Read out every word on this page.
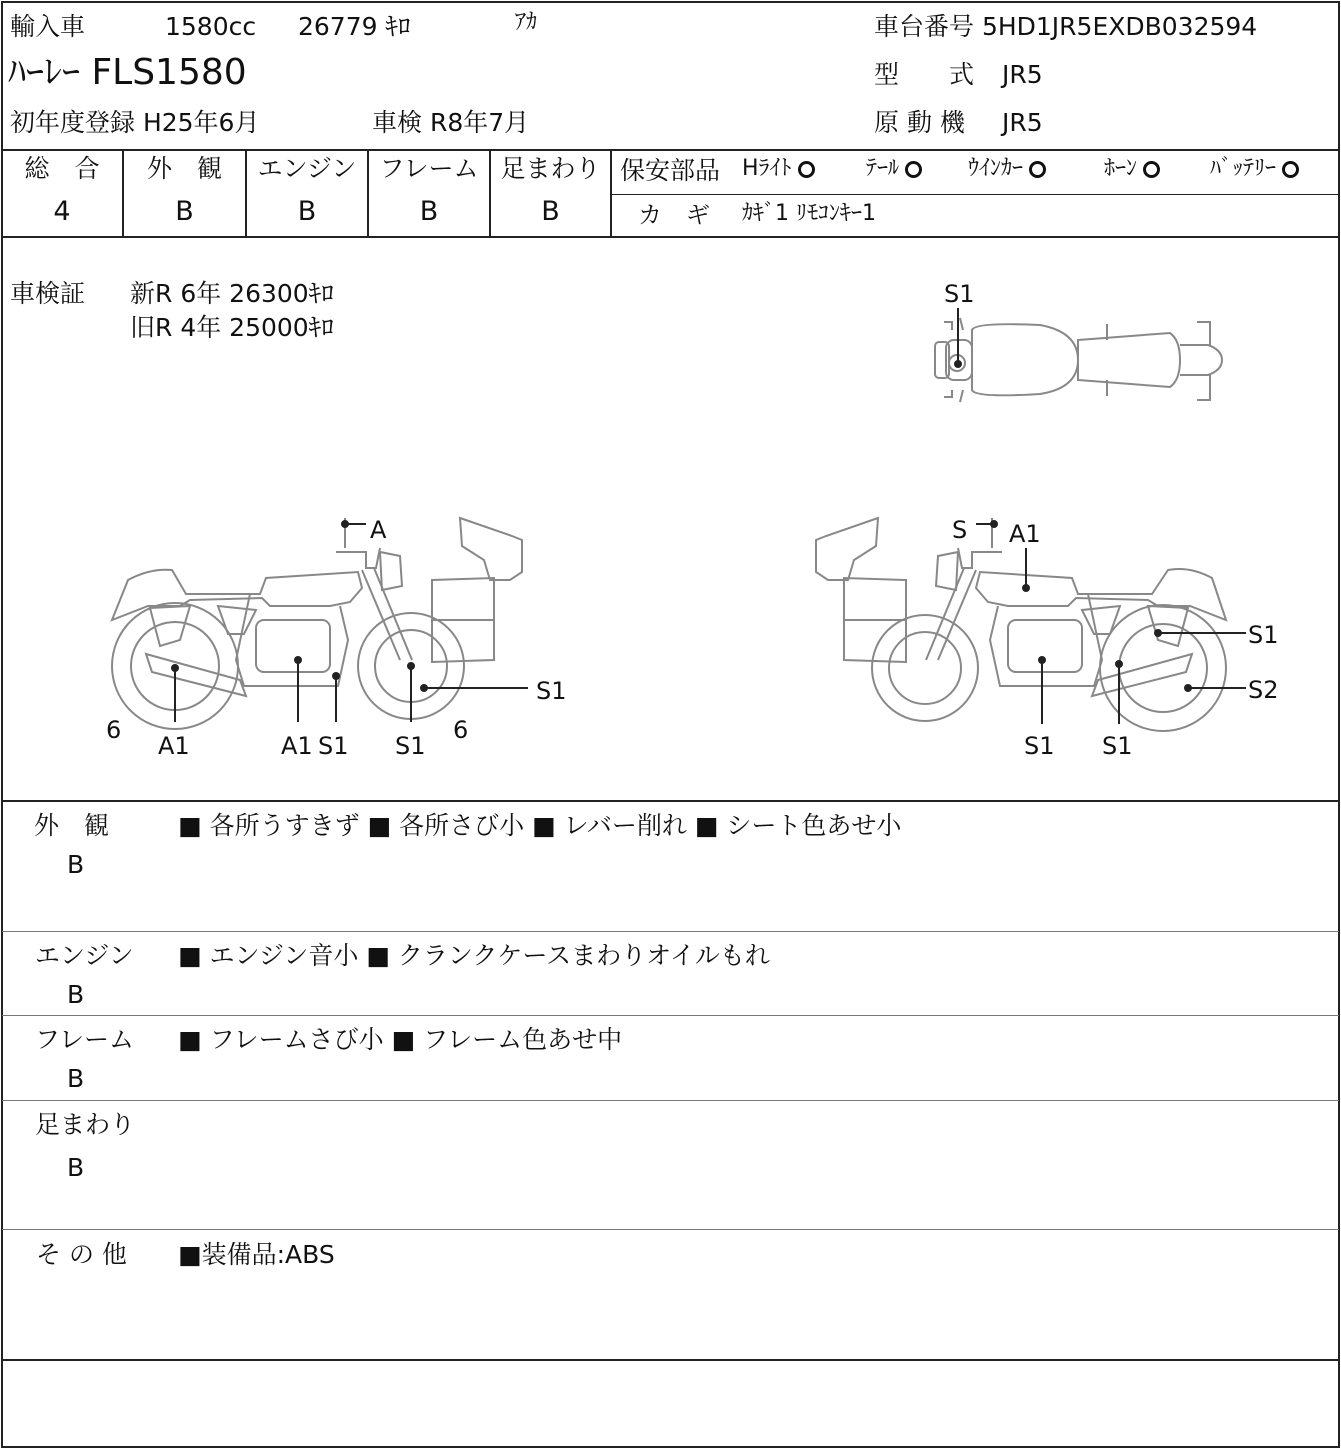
輸入車	1580cc 26779 ｷﾛ	ｱｶ
ﾊｰﾚｰ FLS1580
初年度登録 H25年6月	車検 R8年7月
車台番号 5HD1JR5EXDB032594
型　　式 JR5
原 動 機 JR5
総　合
4
外　観
B
エンジン
B
フレーム
B
足まわり
B
保安部品 Hﾗｲﾄ	ﾃｰﾙ	ｳｲﾝｶｰ	ﾎｰﾝ	ﾊﾞｯﾃﾘｰ
カ　ギ ｶｷﾞ1 ﾘﾓｺﾝｷｰ1
車検証 新R 6年 26300ｷﾛ
旧R 4年 25000ｷﾛ
S1
A
S1
6	6
A1	A1 S1 S1
S A1
S1
S2
S1 S1
外　観
B
■ 各所うすきず ■ 各所さび小 ■ レバー削れ ■ シート色あせ小
エンジン
B
■ エンジン音小 ■ クランクケースまわりオイルもれ
フレーム
B
■ フレームさび小 ■ フレーム色あせ中
足まわり
B
そ の 他 ■装備品:ABS
